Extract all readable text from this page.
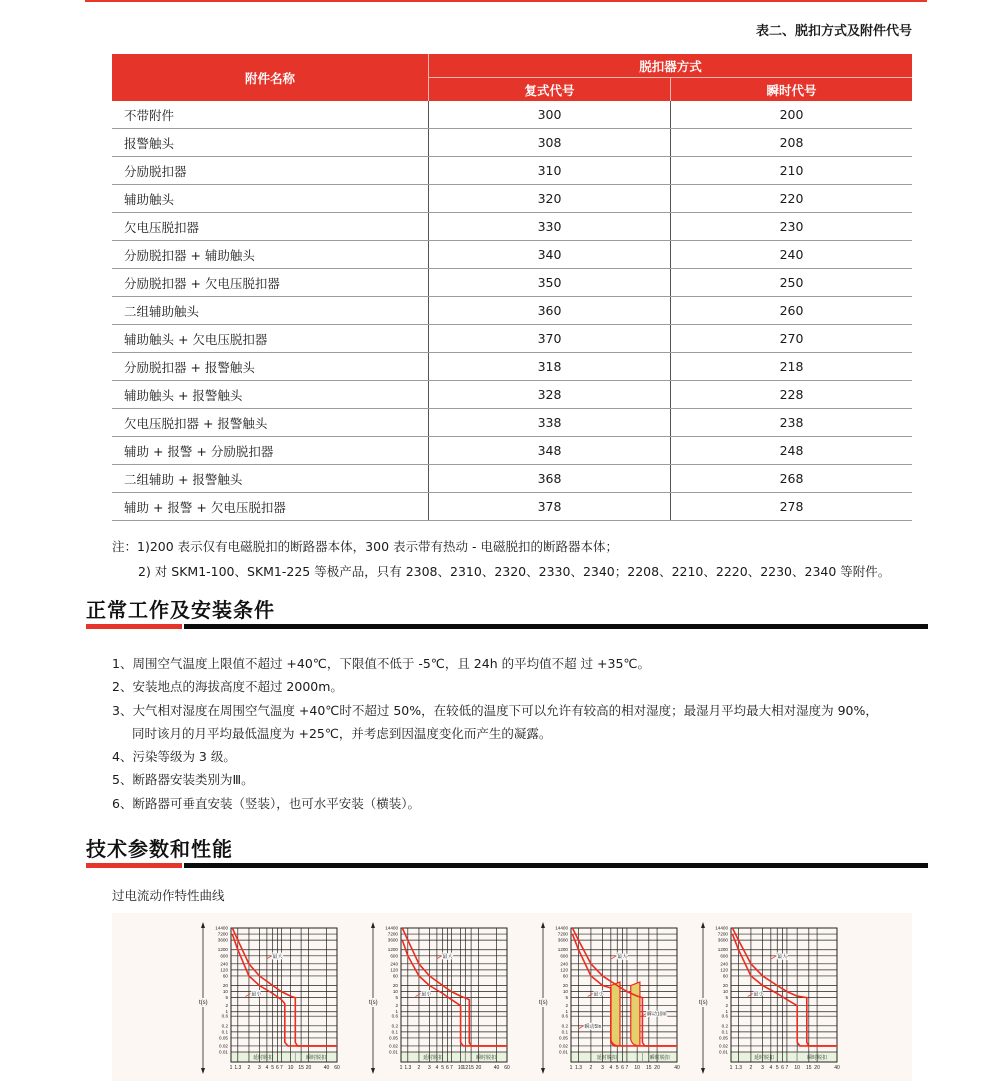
表二、脱扣方式及附件代号
附件名称	脱扣器方式	
	复式代号	瞬时代号
不带附件	300	200
报警触头	308	208
分励脱扣器	310	210
辅助触头	320	220
欠电压脱扣器	330	230
分励脱扣器 + 辅助触头	340	240
分励脱扣器 + 欠电压脱扣器	350	250
二组辅助触头	360	260
辅助触头 + 欠电压脱扣器	370	270
分励脱扣器 + 报警触头	318	218
辅助触头 + 报警触头	328	228
欠电压脱扣器 + 报警触头	338	238
辅助 + 报警 + 分励脱扣器	348	248
二组辅助 + 报警触头	368	268
辅助 + 报警 + 欠电压脱扣器	378	278
注：1)200 表示仅有电磁脱扣的断路器本体，300 表示带有热动 - 电磁脱扣的断路器本体；
2) 对 SKM1-100、SKM1-225 等极产品，只有 2308、2310、2320、2330、2340；2208、2210、2220、2230、2340 等附件。
正常工作及安装条件
1、周围空气温度上限值不超过 +40℃，下限值不低于 -5℃，且 24h 的平均值不超 过 +35℃。
2、安装地点的海拔高度不超过 2000m。
3、大气相对湿度在周围空气温度 +40℃时不超过 50%，在较低的温度下可以允许有较高的相对湿度；最湿月平均最大相对湿度为 90%，
同时该月的月平均最低温度为 +25℃，并考虑到因温度变化而产生的凝露。
4、污染等级为 3 级。
5、断路器安装类别为Ⅲ。
6、断路器可垂直安装（竖装），也可水平安装（横装）。
技术参数和性能
过电流动作特性曲线
14400
7200
3600
1200
600
240
120
60
20
10
5
2
1
0.6
0.2
0.1
0.05
0.02
0.01
1 1.3 2 3 4 5 6 7 10 15 20 40 60
延时脱扣	瞬时脱扣
t(s)
最大
最小
14400
7200
3600
1200
600
240
120
60
20
10
5
2
1
0.6
0.2
0.1
0.05
0.02
0.01
1 1.3 2 3 4 5 6 7 10 12 15 20 40 60
延时脱扣	瞬时脱扣
t(s)
最大
最小
14400
7200
3600
1200
600
240
120
60
20
10
5
2
1
0.6
0.2
0.1
0.05
0.02
0.01
1 1.3 2 3 4 5 6 7 10 15 20	40
延时脱扣	瞬时脱扣
t(s)
最大
最小
瞬动5In
瞬动10In
14400
7200
3600
1200
600
240
120
60
20
10
5
2
1
0.6
0.2
0.1
0.05
0.02
0.01
1 1.3 2 3 4 5 6 7 10 15 20	40
延时脱扣	瞬时脱扣
t(s)
最大
最小
